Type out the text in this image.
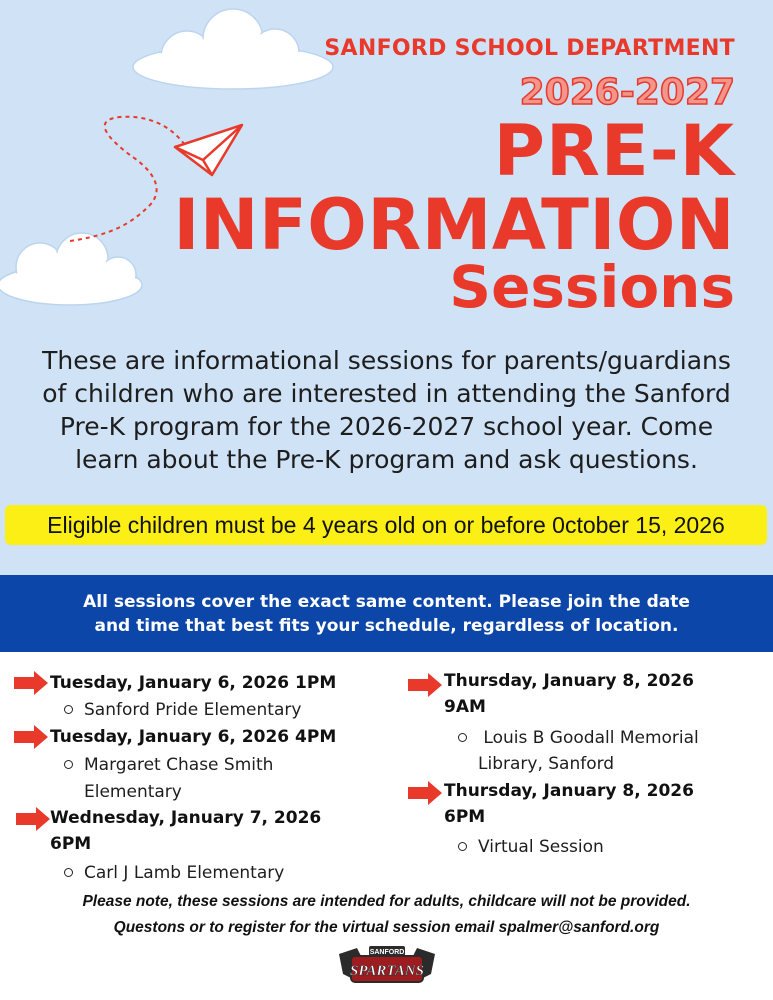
SANFORD SCHOOL DEPARTMENT
2026-2027
PRE-K
INFORMATION
Sessions
These are informational sessions for parents/guardians
of children who are interested in attending the Sanford
Pre-K program for the 2026-2027 school year. Come
learn about the Pre-K program and ask questions.
Eligible children must be 4 years old on or before 0ctober 15, 2026
All sessions cover the exact same content. Please join the date
and time that best fits your schedule, regardless of location.

Tuesday, January 6, 2026 1PM

Sanford Pride Elementary

Tuesday, January 6, 2026 4PM

Margaret Chase Smith

Elementary

Wednesday, January 7, 2026

6PM

Carl J Lamb Elementary

Thursday, January 8, 2026

9AM

Louis B Goodall Memorial

Library, Sanford

Thursday, January 8, 2026

6PM

Virtual Session

Please note, these sessions are intended for adults, childcare will not be provided.

Questons or to register for the virtual session email spalmer@sanford.org

SANFORD
SPARTANS
